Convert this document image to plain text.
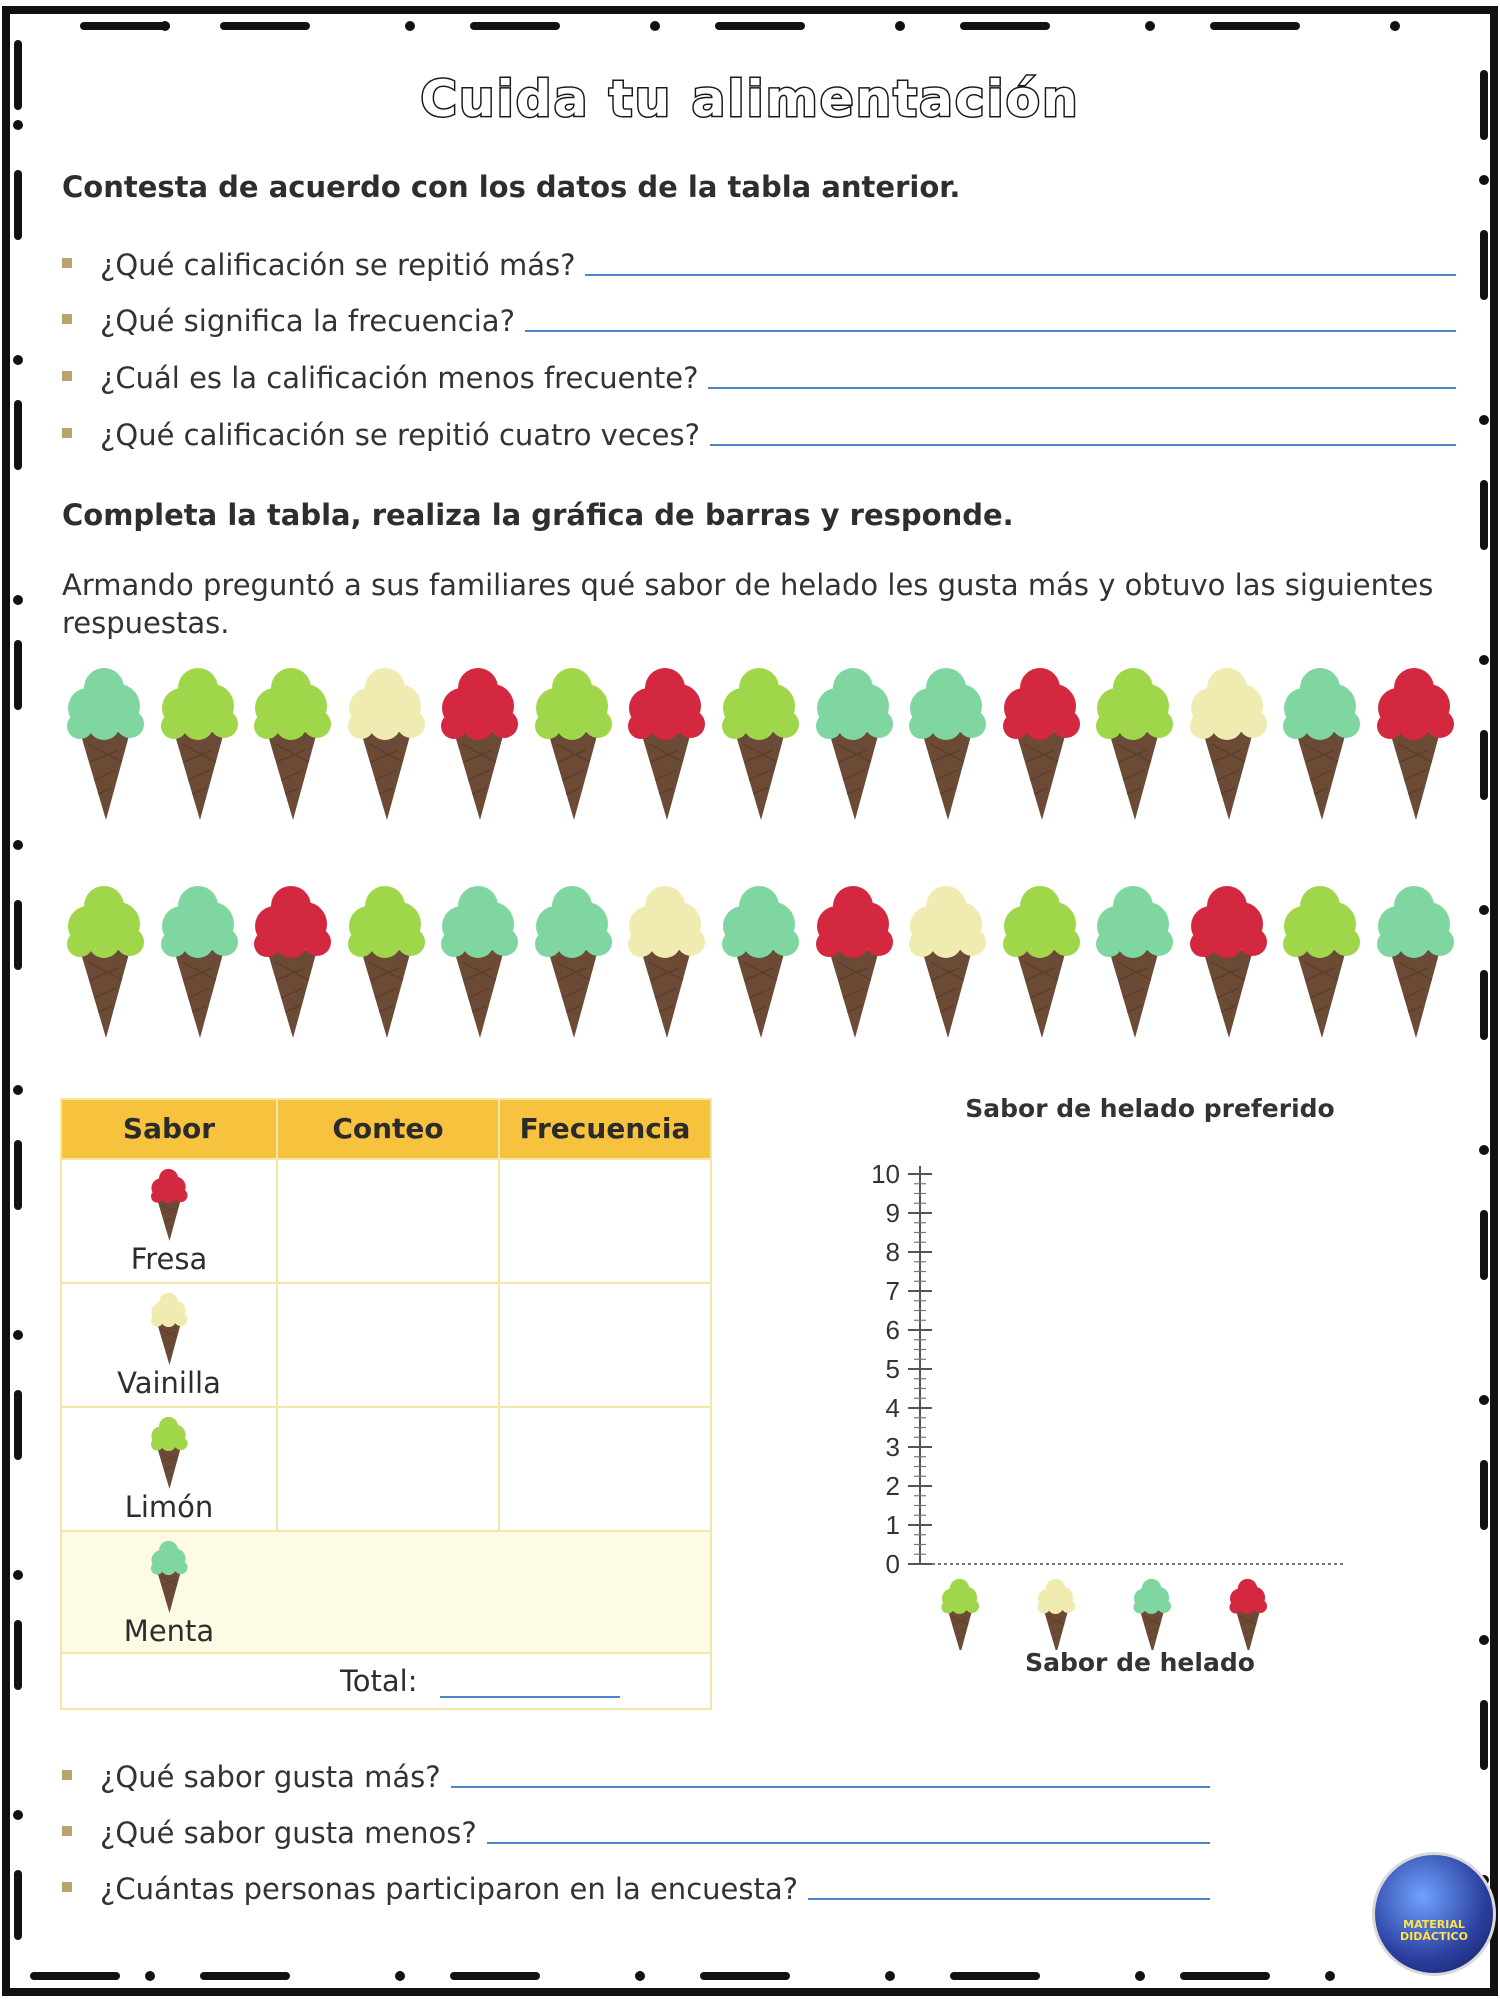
Cuida tu alimentación
Contesta de acuerdo con los datos de la tabla anterior.
¿Qué calificación se repitió más?
¿Qué significa la frecuencia?
¿Cuál es la calificación menos frecuente?
¿Qué calificación se repitió cuatro veces?
Completa la tabla, realiza la gráfica de barras y responde.
Armando preguntó a sus familiares qué sabor de helado les gusta más y obtuvo las siguientes respuestas.
Sabor	Conteo	Frecuencia
Fresa
Vainilla
Limón
Menta
Total:
Sabor de helado preferido
0
1
2
3
4
5
6
7
8
9
10
Sabor de helado
¿Qué sabor gusta más?
¿Qué sabor gusta menos?
¿Cuántas personas participaron en la encuesta?
MATERIAL
DIDÁCTICO
